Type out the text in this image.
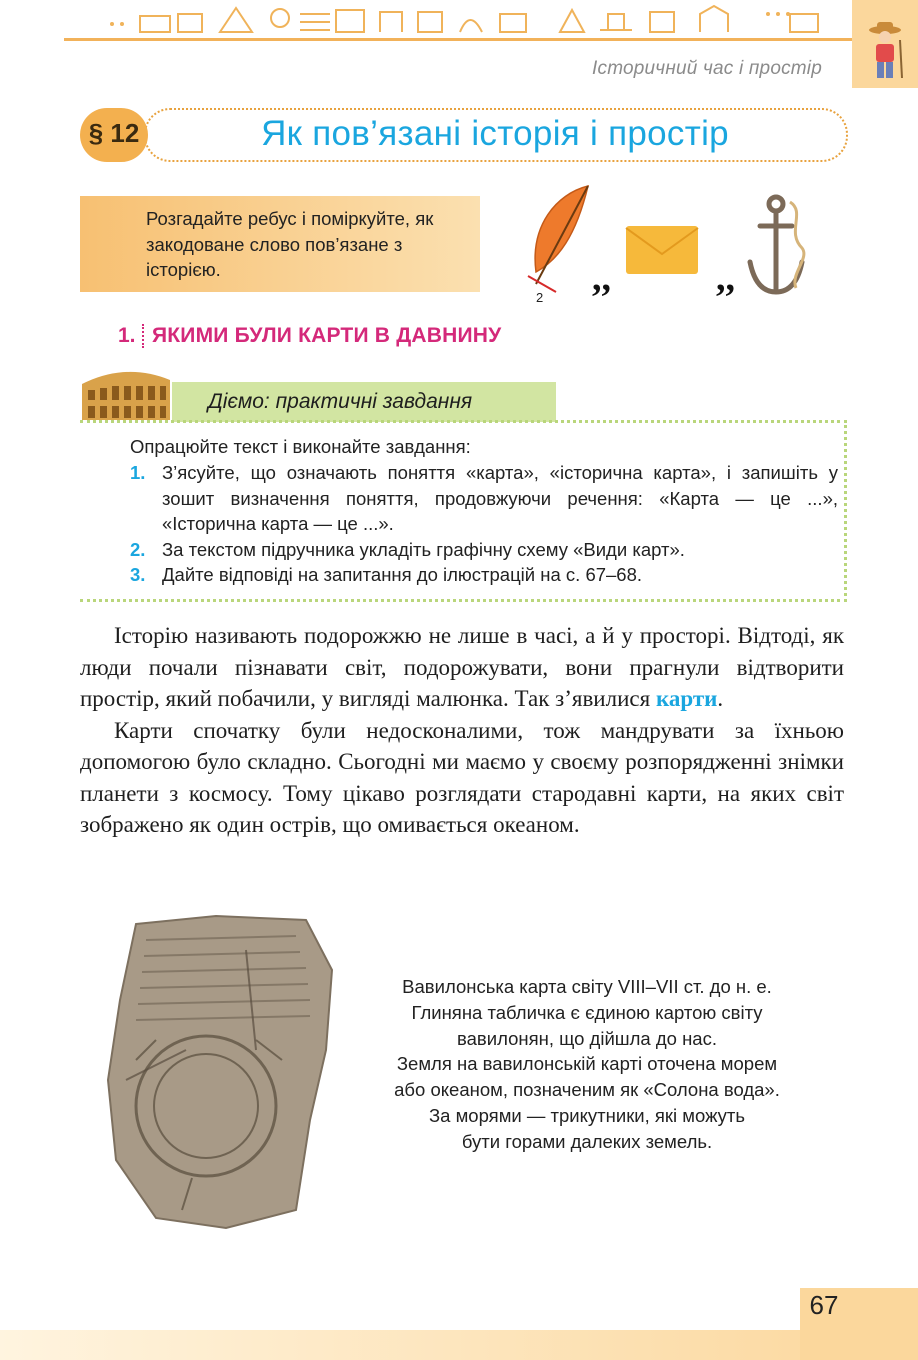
Історичний час і простір
§ 12	Як пов’язані історія і простір
Розгадайте ребус і поміркуйте, як закодоване слово пов’язане з історією.
2 ,,	,,
1. ЯКИМИ БУЛИ КАРТИ В ДАВНИНУ
Діємо: практичні завдання
Опрацюйте текст і виконайте завдання:
1. З’ясуйте, що означають поняття «карта», «історична карта», і запишіть у зошит визначення поняття, продовжуючи речення: «Карта — це ...», «Історична карта — це ...».
2. За текстом підручника укладіть графічну схему «Види карт».
3. Дайте відповіді на запитання до ілюстрацій на с. 67–68.

Історію називають подорожжю не лише в часі, а й у просторі. Відтоді, як люди почали пізнавати світ, подорожувати, вони прагнули відтворити простір, який побачили, у вигляді малюнка. Так з’явилися карти.

Карти спочатку були недосконалими, тож мандрувати за їхньою допомогою було складно. Сьогодні ми маємо у своєму розпорядженні знімки планети з космосу. Тому цікаво розглядати стародавні карти, на яких світ зображено як один острів, що омивається океаном.

Вавилонська карта світу VIII–VII ст. до н. е.
Глиняна табличка є єдиною картою світу
вавилонян, що дійшла до нас.
Земля на вавилонській карті оточена морем
або океаном, позначеним як «Солона вода».
За морями — трикутники, які можуть
бути горами далеких земель.
67
